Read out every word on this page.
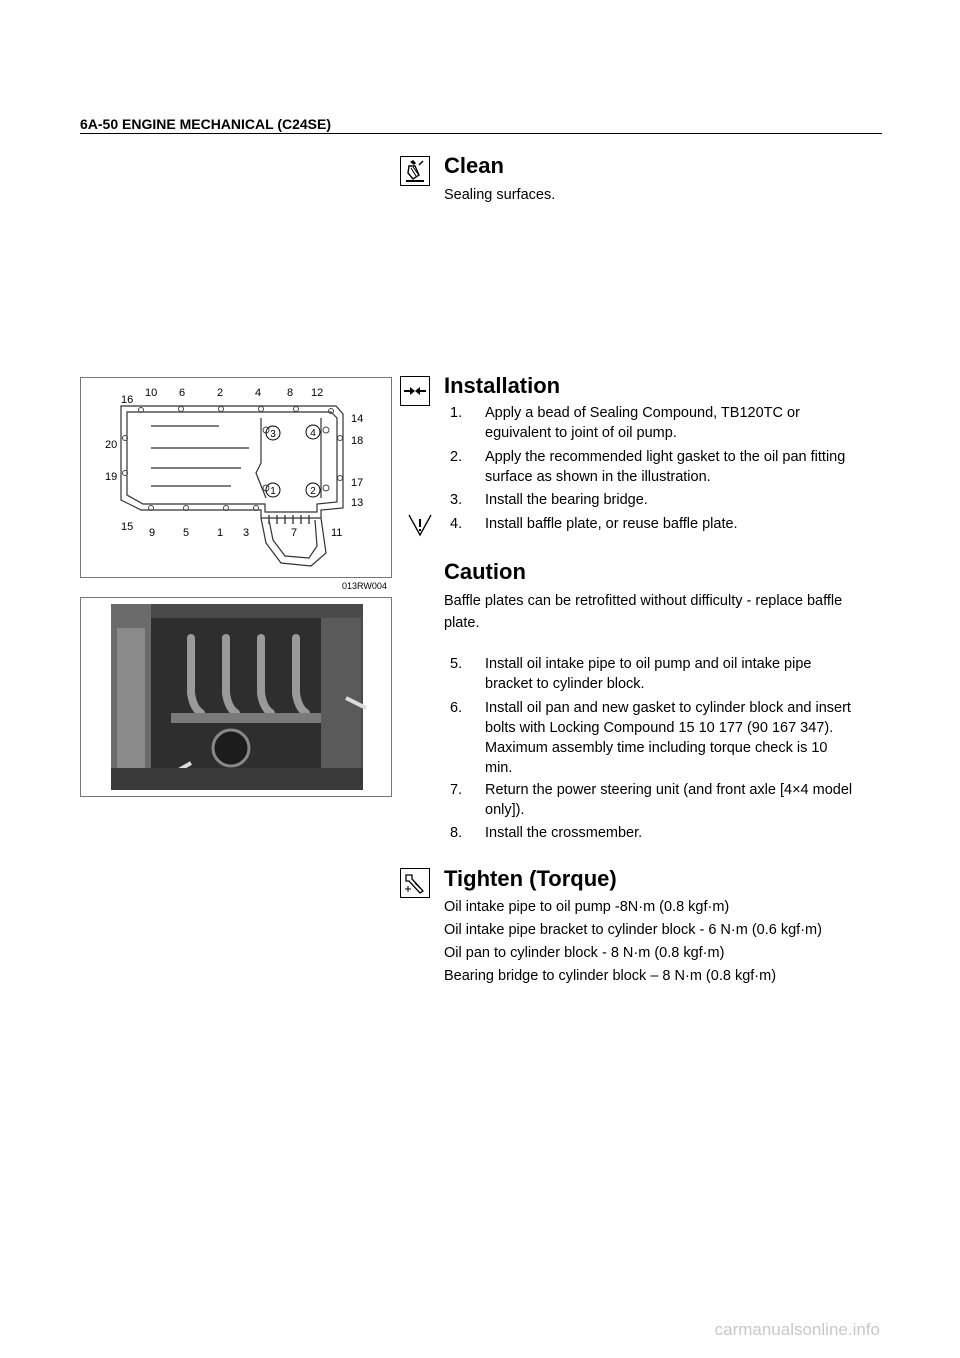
6A-50 ENGINE MECHANICAL (C24SE)
Clean
Sealing surfaces.
Installation
1. Apply a bead of Sealing Compound, TB120TC or
eguivalent to joint of oil pump.
2. Apply the recommended light gasket to the oil pan fitting
surface as shown in the illustration.
3. Install the bearing bridge.
4. Install baffle plate, or reuse baffle plate.
Caution
Baffle plates can be retrofitted without difficulty - replace baffle
plate.
5. Install oil intake pipe to oil pump and oil intake pipe
bracket to cylinder block.
6. Install oil pan and new gasket to cylinder block and insert
bolts with Locking Compound 15 10 177 (90 167 347).
Maximum assembly time including torque check is 10
min.
7. Return the power steering unit (and front axle [4×4 model
only]).
8. Install the crossmember.
Tighten (Torque)
Oil intake pipe to oil pump -8N·m (0.8 kgf·m)
Oil intake pipe bracket to cylinder block - 6 N·m (0.6 kgf·m)
Oil pan to cylinder block - 8 N·m (0.8 kgf·m)
Bearing bridge to cylinder block – 8 N·m (0.8 kgf·m)
10 6	2	4 8 12
16
14
18
20
17
19
13
15 9	5	1 3	7	11
1	2
3	4
013RW004
carmanualsonline.info
